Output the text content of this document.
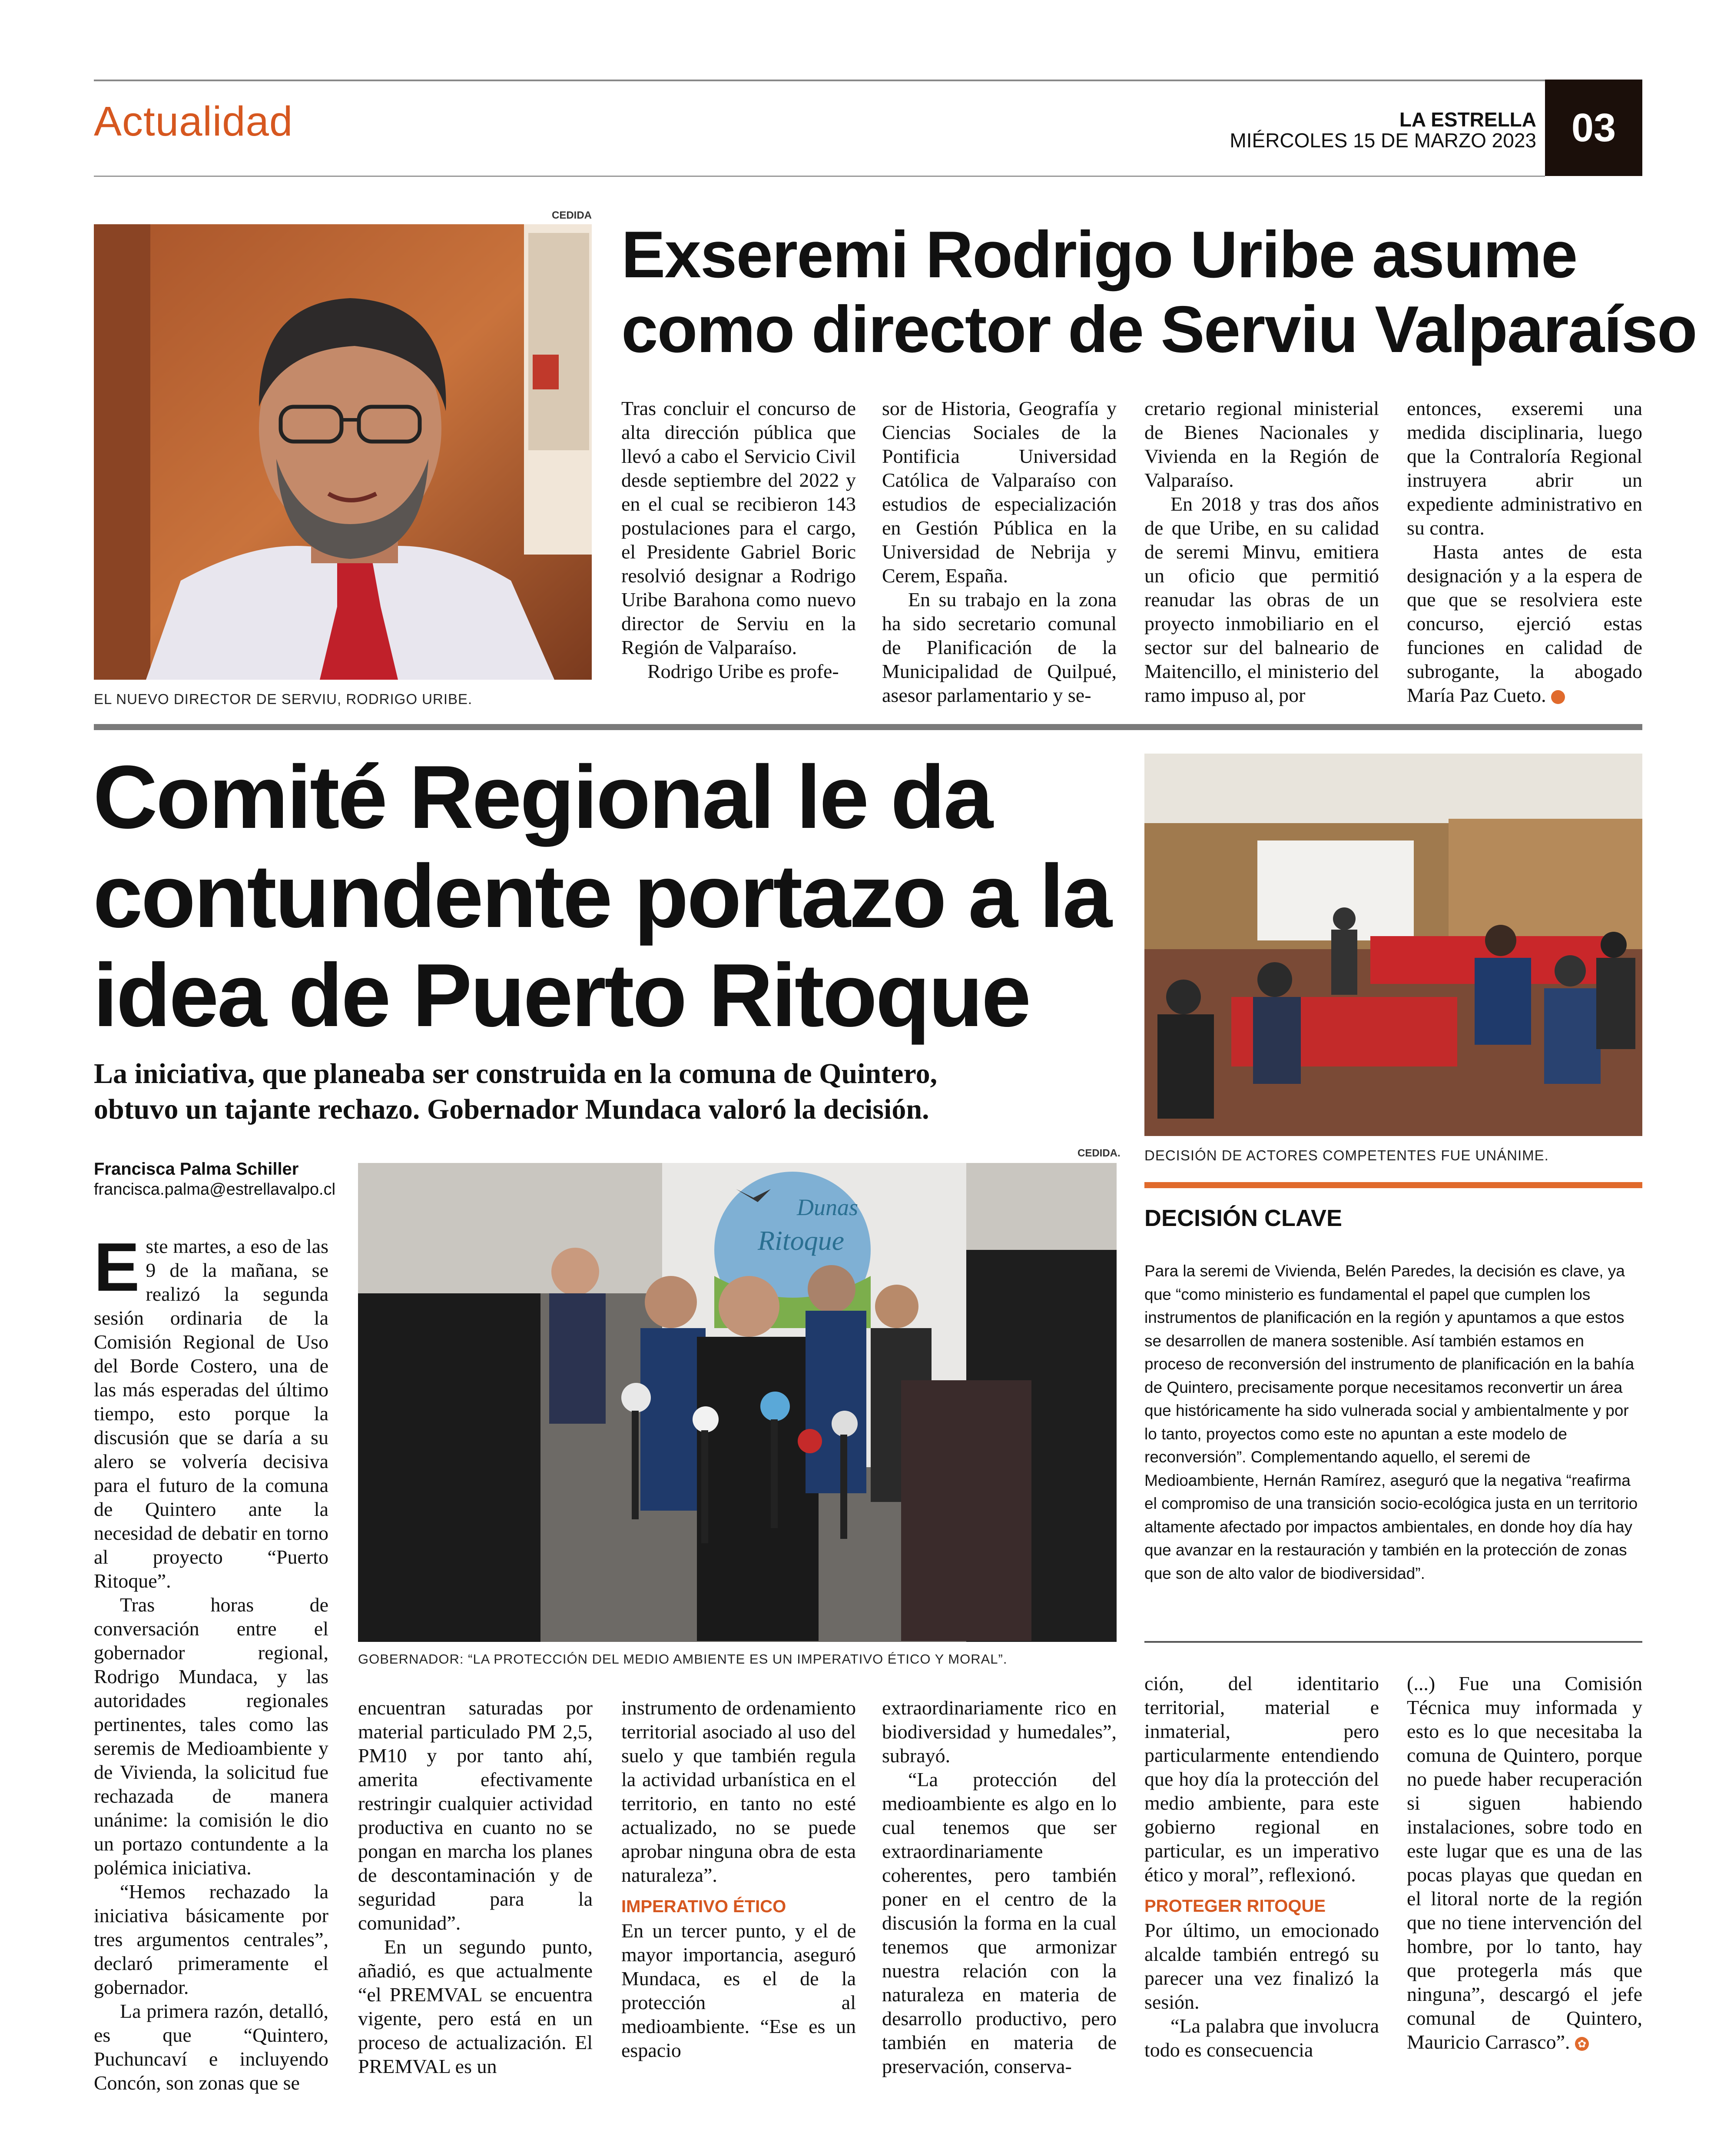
Actualidad	LA ESTRELLA
MIÉRCOLES 15 DE MARZO 2023 03
CEDIDA
EL NUEVO DIRECTOR DE SERVIU, RODRIGO URIBE.
Exseremi Rodrigo Uribe asume
como director de Serviu Valparaíso

Tras concluir el concurso de alta dirección pública que llevó a cabo el Servicio Civil desde septiembre del 2022 y en el cual se recibieron 143 postulaciones para el cargo, el Presidente Gabriel Boric resolvió designar a Rodrigo Uribe Barahona como nuevo director de Serviu en la Región de Valparaíso.

Rodrigo Uribe es profe-

sor de Historia, Geografía y Ciencias Sociales de la Pontificia Universidad Católica de Valparaíso con estudios de especialización en Gestión Pública en la Universidad de Nebrija y Cerem, España.

En su trabajo en la zona ha sido secretario comunal de Planificación de la Municipalidad de Quilpué, asesor parlamentario y se-

cretario regional ministerial de Bienes Nacionales y Vivienda en la Región de Valparaíso.

En 2018 y tras dos años de que Uribe, en su calidad de seremi Minvu, emitiera un oficio que permitió reanudar las obras de un proyecto inmobiliario en el sector sur del balneario de Maitencillo, el ministerio del ramo impuso al, por

entonces, exseremi una medida disciplinaria, luego que la Contraloría Regional instruyera abrir un expediente administrativo en su contra.

Hasta antes de esta designación y a la espera de que que se resolviera este concurso, ejerció estas funciones en calidad de subrogante, la abogado María Paz Cueto.	✿

Comité Regional le da
contundente portazo a la
idea de Puerto Ritoque
La iniciativa, que planeaba ser construida en la comuna de Quintero,
obtuvo un tajante rechazo. Gobernador Mundaca valoró la decisión.
DECISIÓN DE ACTORES COMPETENTES FUE UNÁNIME.
DECISIÓN CLAVE
Para la seremi de Vivienda, Belén Paredes, la decisión es clave, ya que “como ministerio es fundamental el papel que cumplen los instrumentos de planificación en la región y apuntamos a que estos se desarrollen de manera sostenible. Así también estamos en proceso de reconversión del instrumento de planificación en la bahía de Quintero, precisamente porque necesitamos reconvertir un área que históricamente ha sido vulnerada social y ambientalmente y por lo tanto, proyectos como este no apuntan a este modelo de reconversión”. Complementando aquello, el seremi de Medioambiente, Hernán Ramírez, aseguró que la negativa “reafirma el compromiso de una transición socio-ecológica justa en un territorio altamente afectado por impactos ambientales, en donde hoy día hay que avanzar en la restauración y también en la protección de zonas que son de alto valor de biodiversidad”.
Francisca Palma Schiller
francisca.palma@estrellavalpo.cl
CEDIDA.
Dunas
Ritoque
GOBERNADOR: “LA PROTECCIÓN DEL MEDIO AMBIENTE ES UN IMPERATIVO ÉTICO Y MORAL”.

Este martes, a eso de las 9 de la mañana, se realizó la segunda sesión ordinaria de la Comisión Regional de Uso del Borde Costero, una de las más esperadas del último tiempo, esto porque la discusión que se daría a su alero se volvería decisiva para el futuro de la comuna de Quintero ante la necesidad de debatir en torno al proyecto “Puerto Ritoque”.

Tras horas de conversación entre el gobernador regional, Rodrigo Mundaca, y las autoridades regionales pertinentes, tales como las seremis de Medioambiente y de Vivienda, la solicitud fue rechazada de manera unánime: la comisión le dio un portazo contundente a la polémica iniciativa.

“Hemos rechazado la iniciativa básicamente por tres argumentos centrales”, declaró primeramente el gobernador.

La primera razón, detalló, es que “Quintero, Puchuncaví e incluyendo Concón, son zonas que se

encuentran saturadas por material particulado PM 2,5, PM10 y por tanto ahí, amerita efectivamente restringir cualquier actividad productiva en cuanto no se pongan en marcha los planes de descontaminación y de seguridad para la comunidad”.

En un segundo punto, añadió, es que actualmente “el PREMVAL se encuentra vigente, pero está en un proceso de actualización. El PREMVAL es un

instrumento de ordenamiento territorial asociado al uso del suelo y que también regula la actividad urbanística en el territorio, en tanto no esté actualizado, no se puede aprobar ninguna obra de esta naturaleza”.

IMPERATIVO ÉTICO

En un tercer punto, y el de mayor importancia, aseguró Mundaca, es el de la protección al medioambiente. “Ese es un espacio

extraordinariamente rico en biodiversidad y humedales”, subrayó.

“La protección del medioambiente es algo en lo cual tenemos que ser extraordinariamente coherentes, pero también poner en el centro de la discusión la forma en la cual tenemos que armonizar nuestra relación con la naturaleza en materia de desarrollo productivo, pero también en materia de preservación, conserva-

ción, del identitario territorial, material e inmaterial, pero particularmente entendiendo que hoy día la protección del medio ambiente, para este gobierno regional en particular, es un imperativo ético y moral”, reflexionó.

PROTEGER RITOQUE

Por último, un emocionado alcalde también entregó su parecer una vez finalizó la sesión.

“La palabra que involucra todo es consecuencia

(...) Fue una Comisión Técnica muy informada y esto es lo que necesitaba la comuna de Quintero, porque no puede haber recuperación si siguen habiendo instalaciones, sobre todo en este lugar que es una de las pocas playas que quedan en el litoral norte de la región que no tiene intervención del hombre, por lo tanto, hay que protegerla más que ninguna”, descargó el jefe comunal de Quintero, Mauricio Carrasco”. ✿
